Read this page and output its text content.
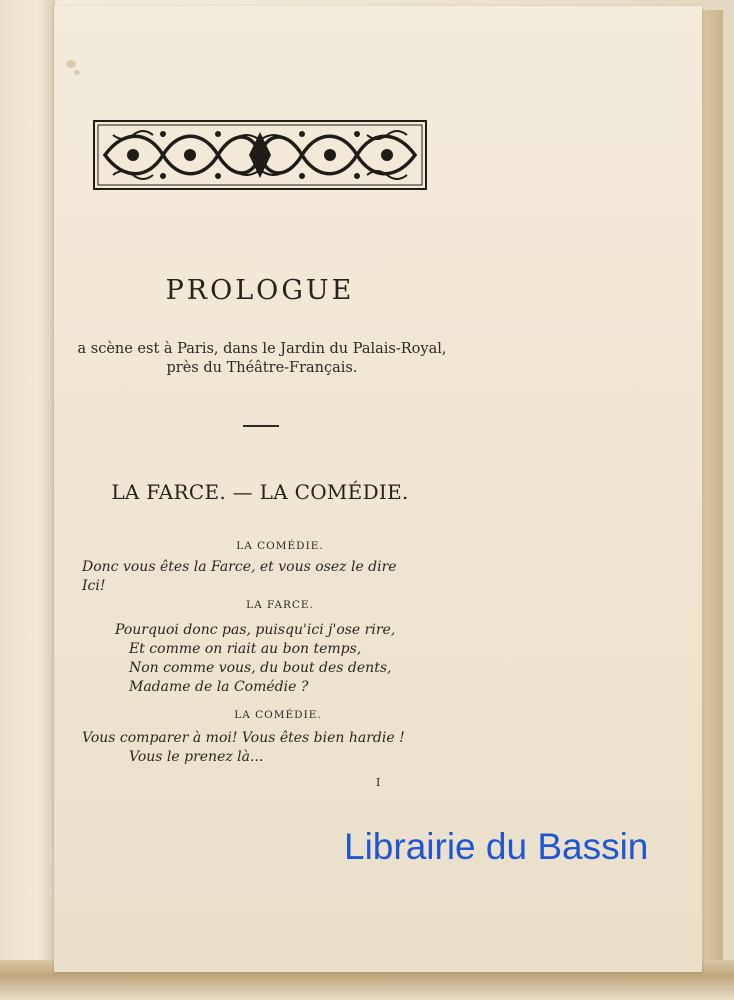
PROLOGUE
a scène est à Paris, dans le Jardin du Palais-Royal,
près du Théâtre-Français.
LA FARCE. — LA COMÉDIE.
LA COMÉDIE.
Donc vous êtes la Farce, et vous osez le dire
Ici!
LA FARCE.
Pourquoi donc pas, puisqu'ici j'ose rire,
Et comme on riait au bon temps,
Non comme vous, du bout des dents,
Madame de la Comédie ?
LA COMÉDIE.
Vous comparer à moi! Vous êtes bien hardie !
Vous le prenez là...
I
Librairie du Bassin
